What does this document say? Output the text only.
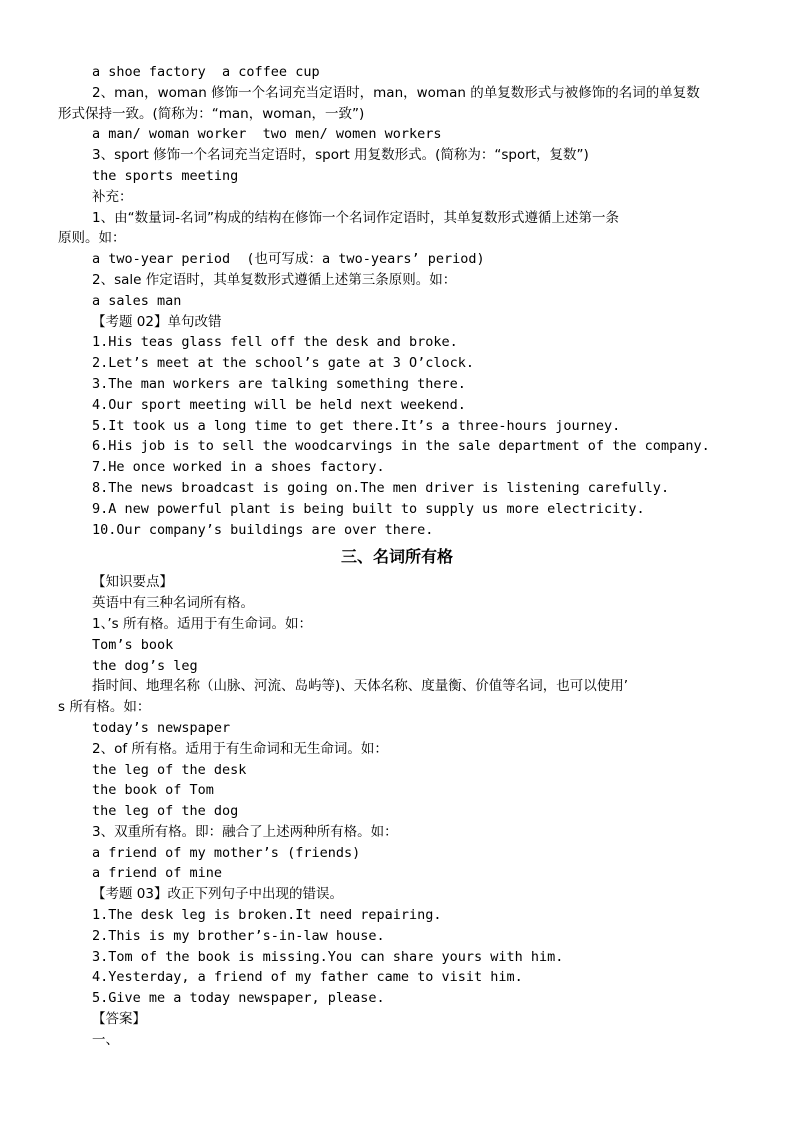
a shoe factory  a coffee cup
2、man，woman 修饰一个名词充当定语时，man，woman 的单复数形式与被修饰的名词的单复数
形式保持一致。(简称为：“man，woman，一致”)
a man/ woman worker  two men/ women workers
3、sport 修饰一个名词充当定语时，sport 用复数形式。(简称为：“sport，复数”)
the sports meeting
补充：
1、由“数量词-名词”构成的结构在修饰一个名词作定语时，其单复数形式遵循上述第一条
原则。如：
a two-year period  (也可写成：a two-years’ period)
2、sale 作定语时，其单复数形式遵循上述第三条原则。如：
a sales man
【考题 02】单句改错
1.His teas glass fell off the desk and broke.
2.Let’s meet at the school’s gate at 3 O’clock.
3.The man workers are talking something there.
4.Our sport meeting will be held next weekend.
5.It took us a long time to get there.It’s a three-hours journey.
6.His job is to sell the woodcarvings in the sale department of the company.
7.He once worked in a shoes factory.
8.The news broadcast is going on.The men driver is listening carefully.
9.A new powerful plant is being built to supply us more electricity.
10.Our company’s buildings are over there.
三、名词所有格
【知识要点】
英语中有三种名词所有格。
1、’s 所有格。适用于有生命词。如：
Tom’s book
the dog’s leg
指时间、地理名称（山脉、河流、岛屿等)、天体名称、度量衡、价值等名词，也可以使用’
s 所有格。如：
today’s newspaper
2、of 所有格。适用于有生命词和无生命词。如：
the leg of the desk
the book of Tom
the leg of the dog
3、双重所有格。即：融合了上述两种所有格。如：
a friend of my mother’s (friends)
a friend of mine
【考题 03】改正下列句子中出现的错误。
1.The desk leg is broken.It need repairing.
2.This is my brother’s-in-law house.
3.Tom of the book is missing.You can share yours with him.
4.Yesterday, a friend of my father came to visit him.
5.Give me a today newspaper, please.
【答案】
一、
